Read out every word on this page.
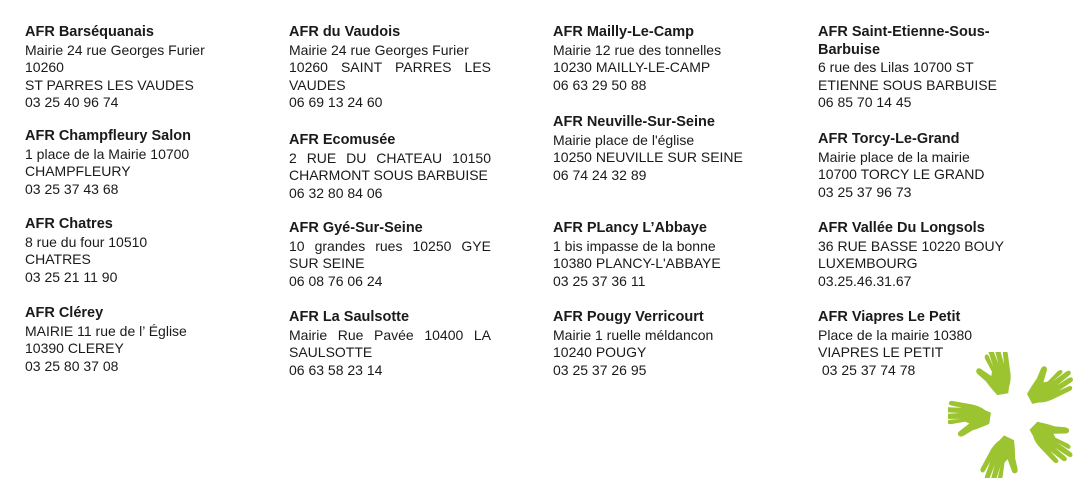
AFR Barséquanais

Mairie 24 rue Georges Furier

10260

ST PARRES LES VAUDES

03 25 40 96 74

AFR Champfleury Salon

1 place de la Mairie 10700

CHAMPFLEURY

03 25 37 43 68

AFR Chatres

8 rue du four 10510

CHATRES

03 25 21 11 90

AFR Clérey

MAIRIE 11 rue de l’ Église

10390 CLEREY

03 25 80 37 08

AFR du Vaudois

Mairie 24 rue Georges Furier

10260 SAINT PARRES LES

VAUDES

06 69 13 24 60

AFR Ecomusée

2 RUE DU CHATEAU 10150

CHARMONT SOUS BARBUISE

06 32 80 84 06

AFR Gyé-Sur-Seine

10 grandes rues 10250 GYE

SUR SEINE

06 08 76 06 24

AFR La Saulsotte

Mairie Rue Pavée 10400 LA

SAULSOTTE

06 63 58 23 14

AFR Mailly-Le-Camp

Mairie 12 rue des tonnelles

10230 MAILLY-LE-CAMP

06 63 29 50 88

AFR Neuville-Sur-Seine

Mairie place de l'église

10250 NEUVILLE SUR SEINE

06 74 24 32 89

AFR PLancy L’Abbaye

1 bis impasse de la bonne

10380 PLANCY-L'ABBAYE

03 25 37 36 11

AFR Pougy Verricourt

Mairie 1 ruelle méldancon

10240 POUGY

03 25 37 26 95

AFR Saint-Etienne-Sous-Barbuise

6 rue des Lilas 10700 ST

ETIENNE SOUS BARBUISE

06 85 70 14 45

AFR Torcy-Le-Grand

Mairie place de la mairie

10700 TORCY LE GRAND

03 25 37 96 73

AFR Vallée Du Longsols

36 RUE BASSE 10220 BOUY

LUXEMBOURG

03.25.46.31.67

AFR Viapres Le Petit

Place de la mairie 10380

VIAPRES LE PETIT

03 25 37 74 78
